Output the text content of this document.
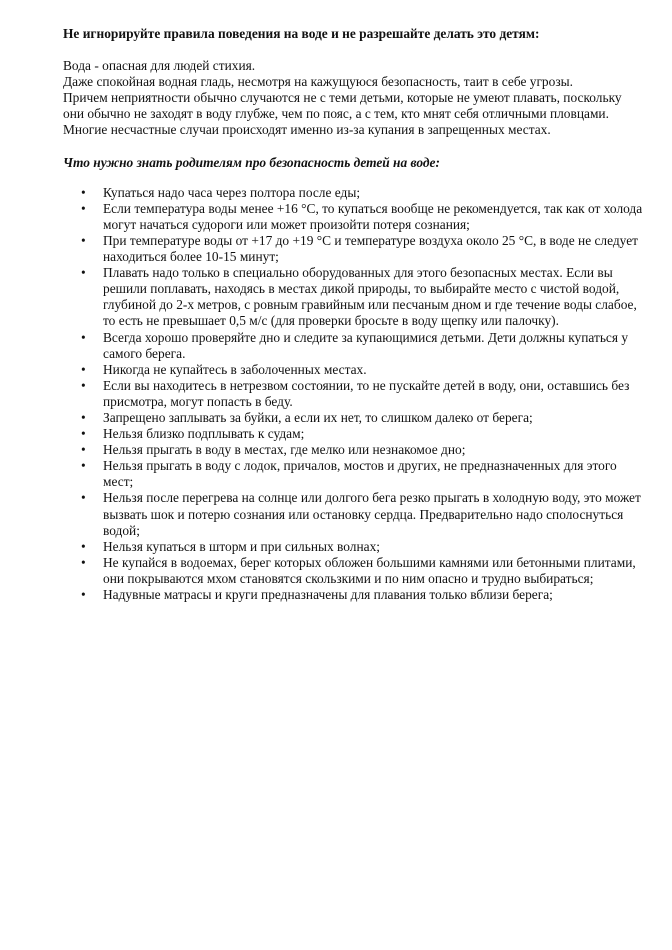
Не игнорируйте правила поведения на воде и не разрешайте делать это детям:

Вода - опасная для людей стихия.

Даже спокойная водная гладь, несмотря на кажущуюся безопасность, таит в себе угрозы.

Причем неприятности обычно случаются не с теми детьми, которые не умеют плавать, поскольку они обычно не заходят в воду глубже, чем по пояс, а с тем, кто мнят себя отличными пловцами.

Многие несчастные случаи происходят именно из-за купания в запрещенных местах.

Что нужно знать родителям про безопасность детей на воде:
•	Купаться надо часа через полтора после еды;
•	Если температура воды менее +16 °С, то купаться вообще не рекомендуется, так как от холода могут начаться судороги или может произойти потеря сознания;
•	При температуре воды от +17 до +19 °С и температуре воздуха около 25 °С, в воде не следует находиться более 10-15 минут;
•	Плавать надо только в специально оборудованных для этого безопасных местах. Если вы решили поплавать, находясь в местах дикой природы, то выбирайте место с чистой водой, глубиной до 2-х метров, с ровным гравийным или песчаным дном и где течение воды слабое, то есть не превышает 0,5 м/с (для проверки бросьте в воду щепку или палочку).
•	Всегда хорошо проверяйте дно и следите за купающимися детьми. Дети должны купаться у самого берега.
•	Никогда не купайтесь в заболоченных местах.
•	Если вы находитесь в нетрезвом состоянии, то не пускайте детей в воду, они, оставшись без присмотра, могут попасть в беду.
•	Запрещено заплывать за буйки, а если их нет, то слишком далеко от берега;
•	Нельзя близко подплывать к судам;
•	Нельзя прыгать в воду в местах, где мелко или незнакомое дно;
•	Нельзя прыгать в воду с лодок, причалов, мостов и других, не предназначенных для этого мест;
•	Нельзя после перегрева на солнце или долгого бега резко прыгать в холодную воду, это может вызвать шок и потерю сознания или остановку сердца. Предварительно надо сполоснуться водой;
•	Нельзя купаться в шторм и при сильных волнах;
•	Не купайся в водоемах, берег которых обложен большими камнями или бетонными плитами, они покрываются мхом становятся скользкими и по ним опасно и трудно выбираться;
•	Надувные матрасы и круги предназначены для плавания только вблизи берега;
